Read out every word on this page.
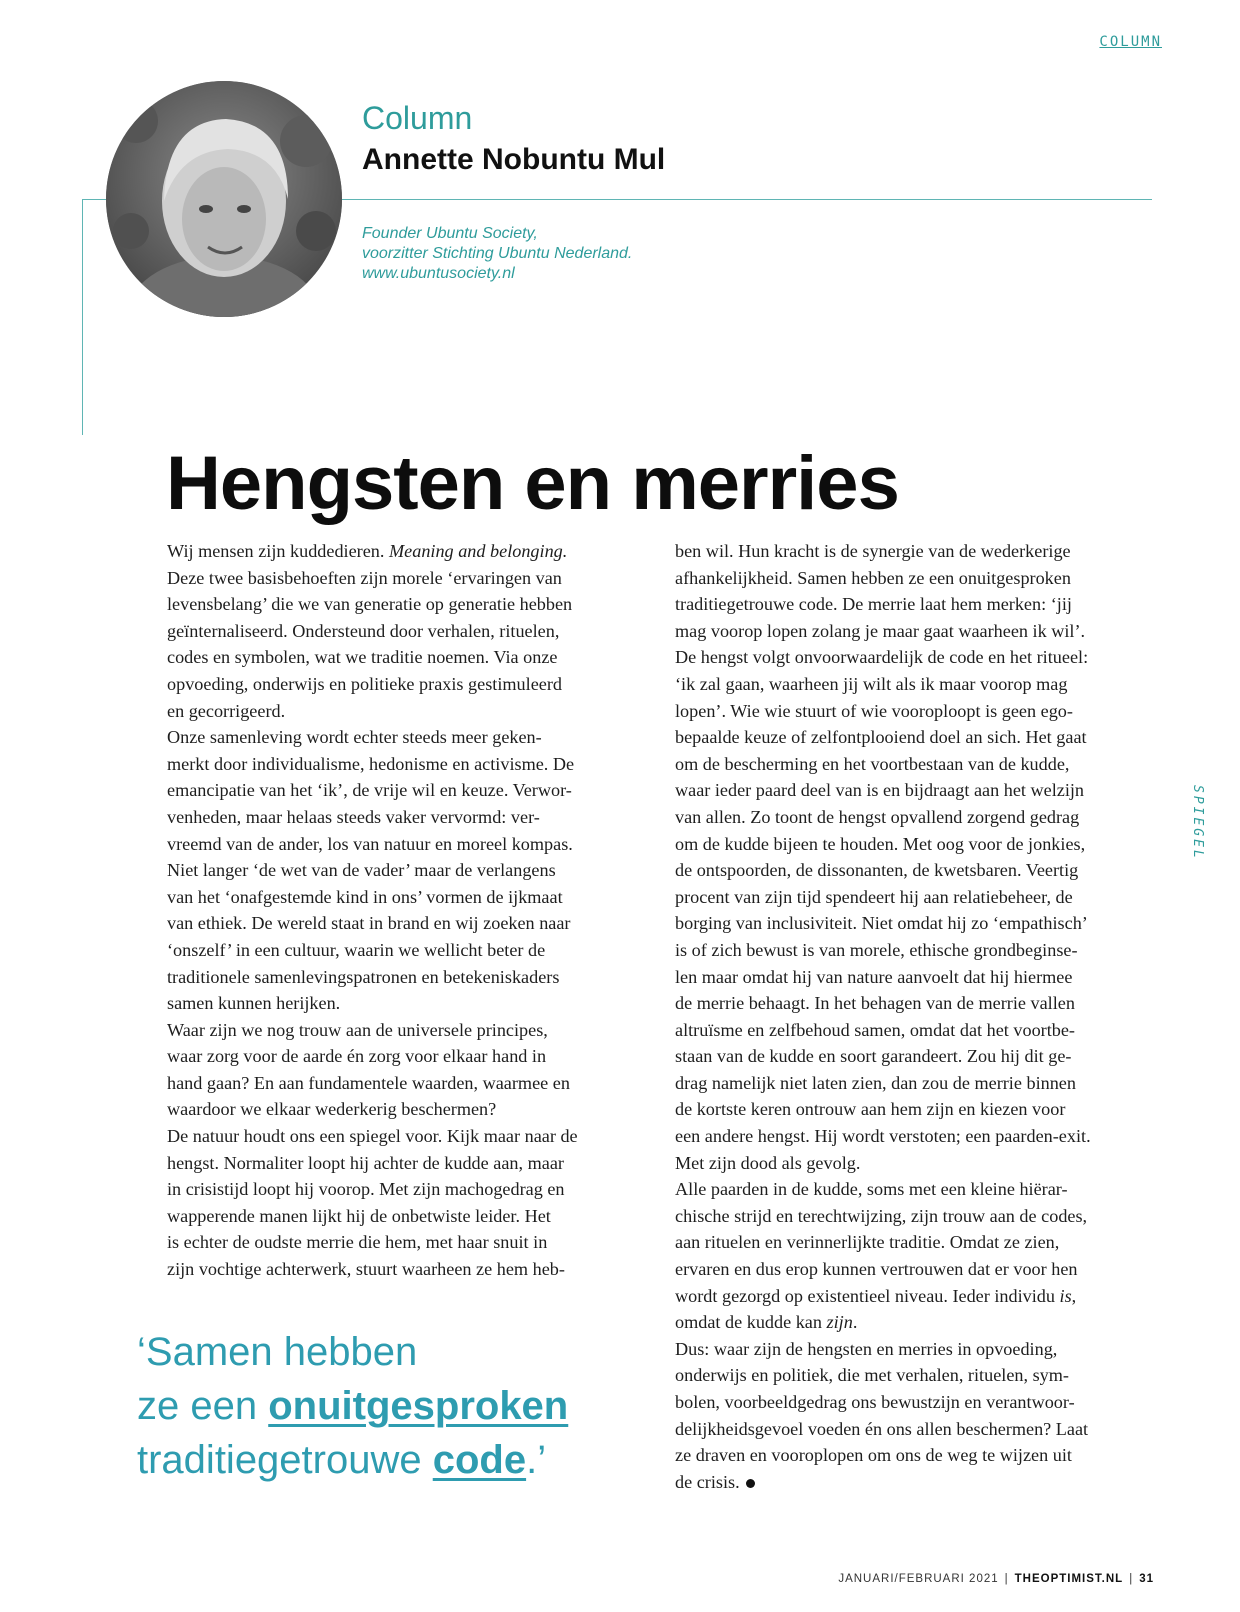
COLUMN
Column
Annette Nobuntu Mul
Founder Ubuntu Society,
voorzitter Stichting Ubuntu Nederland.
www.ubuntusociety.nl
Hengsten en merries

Wij mensen zijn kuddedieren. Meaning and belonging.
Deze twee basisbehoeften zijn morele ‘ervaringen van
levensbelang’ die we van generatie op generatie hebben
geïnternaliseerd. Ondersteund door verhalen, rituelen,
codes en symbolen, wat we traditie noemen. Via onze
opvoeding, onderwijs en politieke praxis gestimuleerd
en gecorrigeerd.

Onze samenleving wordt echter steeds meer geken-
merkt door individualisme, hedonisme en activisme. De
emancipatie van het ‘ik’, de vrije wil en keuze. Verwor-
venheden, maar helaas steeds vaker vervormd: ver-
vreemd van de ander, los van natuur en moreel kompas.
Niet langer ‘de wet van de vader’ maar de verlangens
van het ‘onafgestemde kind in ons’ vormen de ijkmaat
van ethiek. De wereld staat in brand en wij zoeken naar
‘onszelf’ in een cultuur, waarin we wellicht beter de
traditionele samenlevingspatronen en betekeniskaders
samen kunnen herijken.

Waar zijn we nog trouw aan de universele principes,
waar zorg voor de aarde én zorg voor elkaar hand in
hand gaan? En aan fundamentele waarden, waarmee en
waardoor we elkaar wederkerig beschermen?

De natuur houdt ons een spiegel voor. Kijk maar naar de
hengst. Normaliter loopt hij achter de kudde aan, maar
in crisistijd loopt hij voorop. Met zijn machogedrag en
wapperende manen lijkt hij de onbetwiste leider. Het
is echter de oudste merrie die hem, met haar snuit in
zijn vochtige achterwerk, stuurt waarheen ze hem heb-

ben wil. Hun kracht is de synergie van de wederkerige
afhankelijkheid. Samen hebben ze een onuitgesproken
traditiegetrouwe code. De merrie laat hem merken: ‘jij
mag voorop lopen zolang je maar gaat waarheen ik wil’.
De hengst volgt onvoorwaardelijk de code en het ritueel:
‘ik zal gaan, waarheen jij wilt als ik maar voorop mag
lopen’. Wie wie stuurt of wie vooroploopt is geen ego-
bepaalde keuze of zelfontplooiend doel an sich. Het gaat
om de bescherming en het voortbestaan van de kudde,
waar ieder paard deel van is en bijdraagt aan het welzijn
van allen. Zo toont de hengst opvallend zorgend gedrag
om de kudde bijeen te houden. Met oog voor de jonkies,
de ontspoorden, de dissonanten, de kwetsbaren. Veertig
procent van zijn tijd spendeert hij aan relatiebeheer, de
borging van inclusiviteit. Niet omdat hij zo ‘empathisch’
is of zich bewust is van morele, ethische grondbeginse-
len maar omdat hij van nature aanvoelt dat hij hiermee
de merrie behaagt. In het behagen van de merrie vallen
altruïsme en zelfbehoud samen, omdat dat het voortbe-
staan van de kudde en soort garandeert. Zou hij dit ge-
drag namelijk niet laten zien, dan zou de merrie binnen
de kortste keren ontrouw aan hem zijn en kiezen voor
een andere hengst. Hij wordt verstoten; een paarden-exit.
Met zijn dood als gevolg.

Alle paarden in de kudde, soms met een kleine hiërar-
chische strijd en terechtwijzing, zijn trouw aan de codes,
aan rituelen en verinnerlijkte traditie. Omdat ze zien,
ervaren en dus erop kunnen vertrouwen dat er voor hen
wordt gezorgd op existentieel niveau. Ieder individu is,
omdat de kudde kan zijn.

Dus: waar zijn de hengsten en merries in opvoeding,
onderwijs en politiek, die met verhalen, rituelen, sym-
bolen, voorbeeldgedrag ons bewustzijn en verantwoor-
delijkheidsgevoel voeden én ons allen beschermen? Laat
ze draven en vooroplopen om ons de weg te wijzen uit
de crisis.

‘Samen hebben
ze een onuitgesproken
traditiegetrouwe code.’
SPIEGEL
JANUARI/FEBRUARI 2021 | THEOPTIMIST.NL | 31
